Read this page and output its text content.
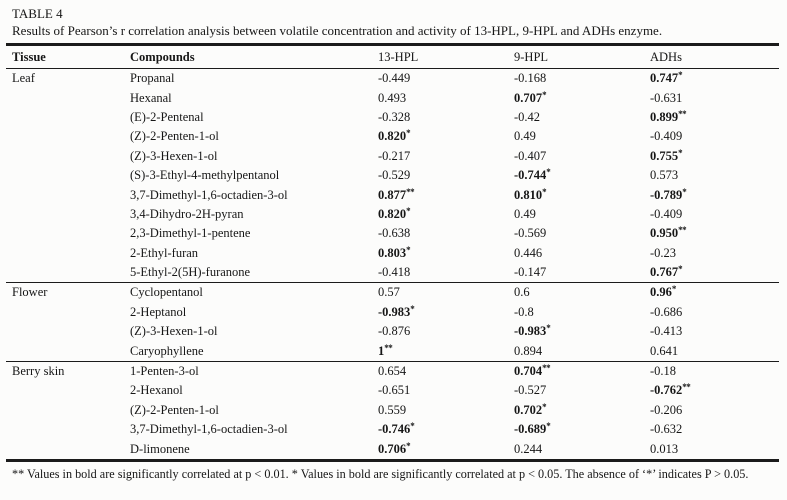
TABLE 4
Results of Pearson’s r correlation analysis between volatile concentration and activity of 13-HPL, 9-HPL and ADHs enzyme.
Tissue	Compounds	13-HPL	9-HPL	ADHs
Leaf	Propanal	-0.449	-0.168	0.747*
	Hexanal	0.493	0.707*	-0.631
	(E)-2-Pentenal	-0.328	-0.42	0.899**
	(Z)-2-Penten-1-ol	0.820*	0.49	-0.409
	(Z)-3-Hexen-1-ol	-0.217	-0.407	0.755*
	(S)-3-Ethyl-4-methylpentanol	-0.529	-0.744*	0.573
	3,7-Dimethyl-1,6-octadien-3-ol	0.877**	0.810*	-0.789*
	3,4-Dihydro-2H-pyran	0.820*	0.49	-0.409
	2,3-Dimethyl-1-pentene	-0.638	-0.569	0.950**
	2-Ethyl-furan	0.803*	0.446	-0.23
	5-Ethyl-2(5H)-furanone	-0.418	-0.147	0.767*
Flower	Cyclopentanol	0.57	0.6	0.96*
	2-Heptanol	-0.983*	-0.8	-0.686
	(Z)-3-Hexen-1-ol	-0.876	-0.983*	-0.413
	Caryophyllene	1**	0.894	0.641
Berry skin	1-Penten-3-ol	0.654	0.704**	-0.18
	2-Hexanol	-0.651	-0.527	-0.762**
	(Z)-2-Penten-1-ol	0.559	0.702*	-0.206
	3,7-Dimethyl-1,6-octadien-3-ol	-0.746*	-0.689*	-0.632
	D-limonene	0.706*	0.244	0.013
** Values in bold are significantly correlated at p < 0.01. * Values in bold are significantly correlated at p < 0.05. The absence of ‘*’ indicates P > 0.05.
